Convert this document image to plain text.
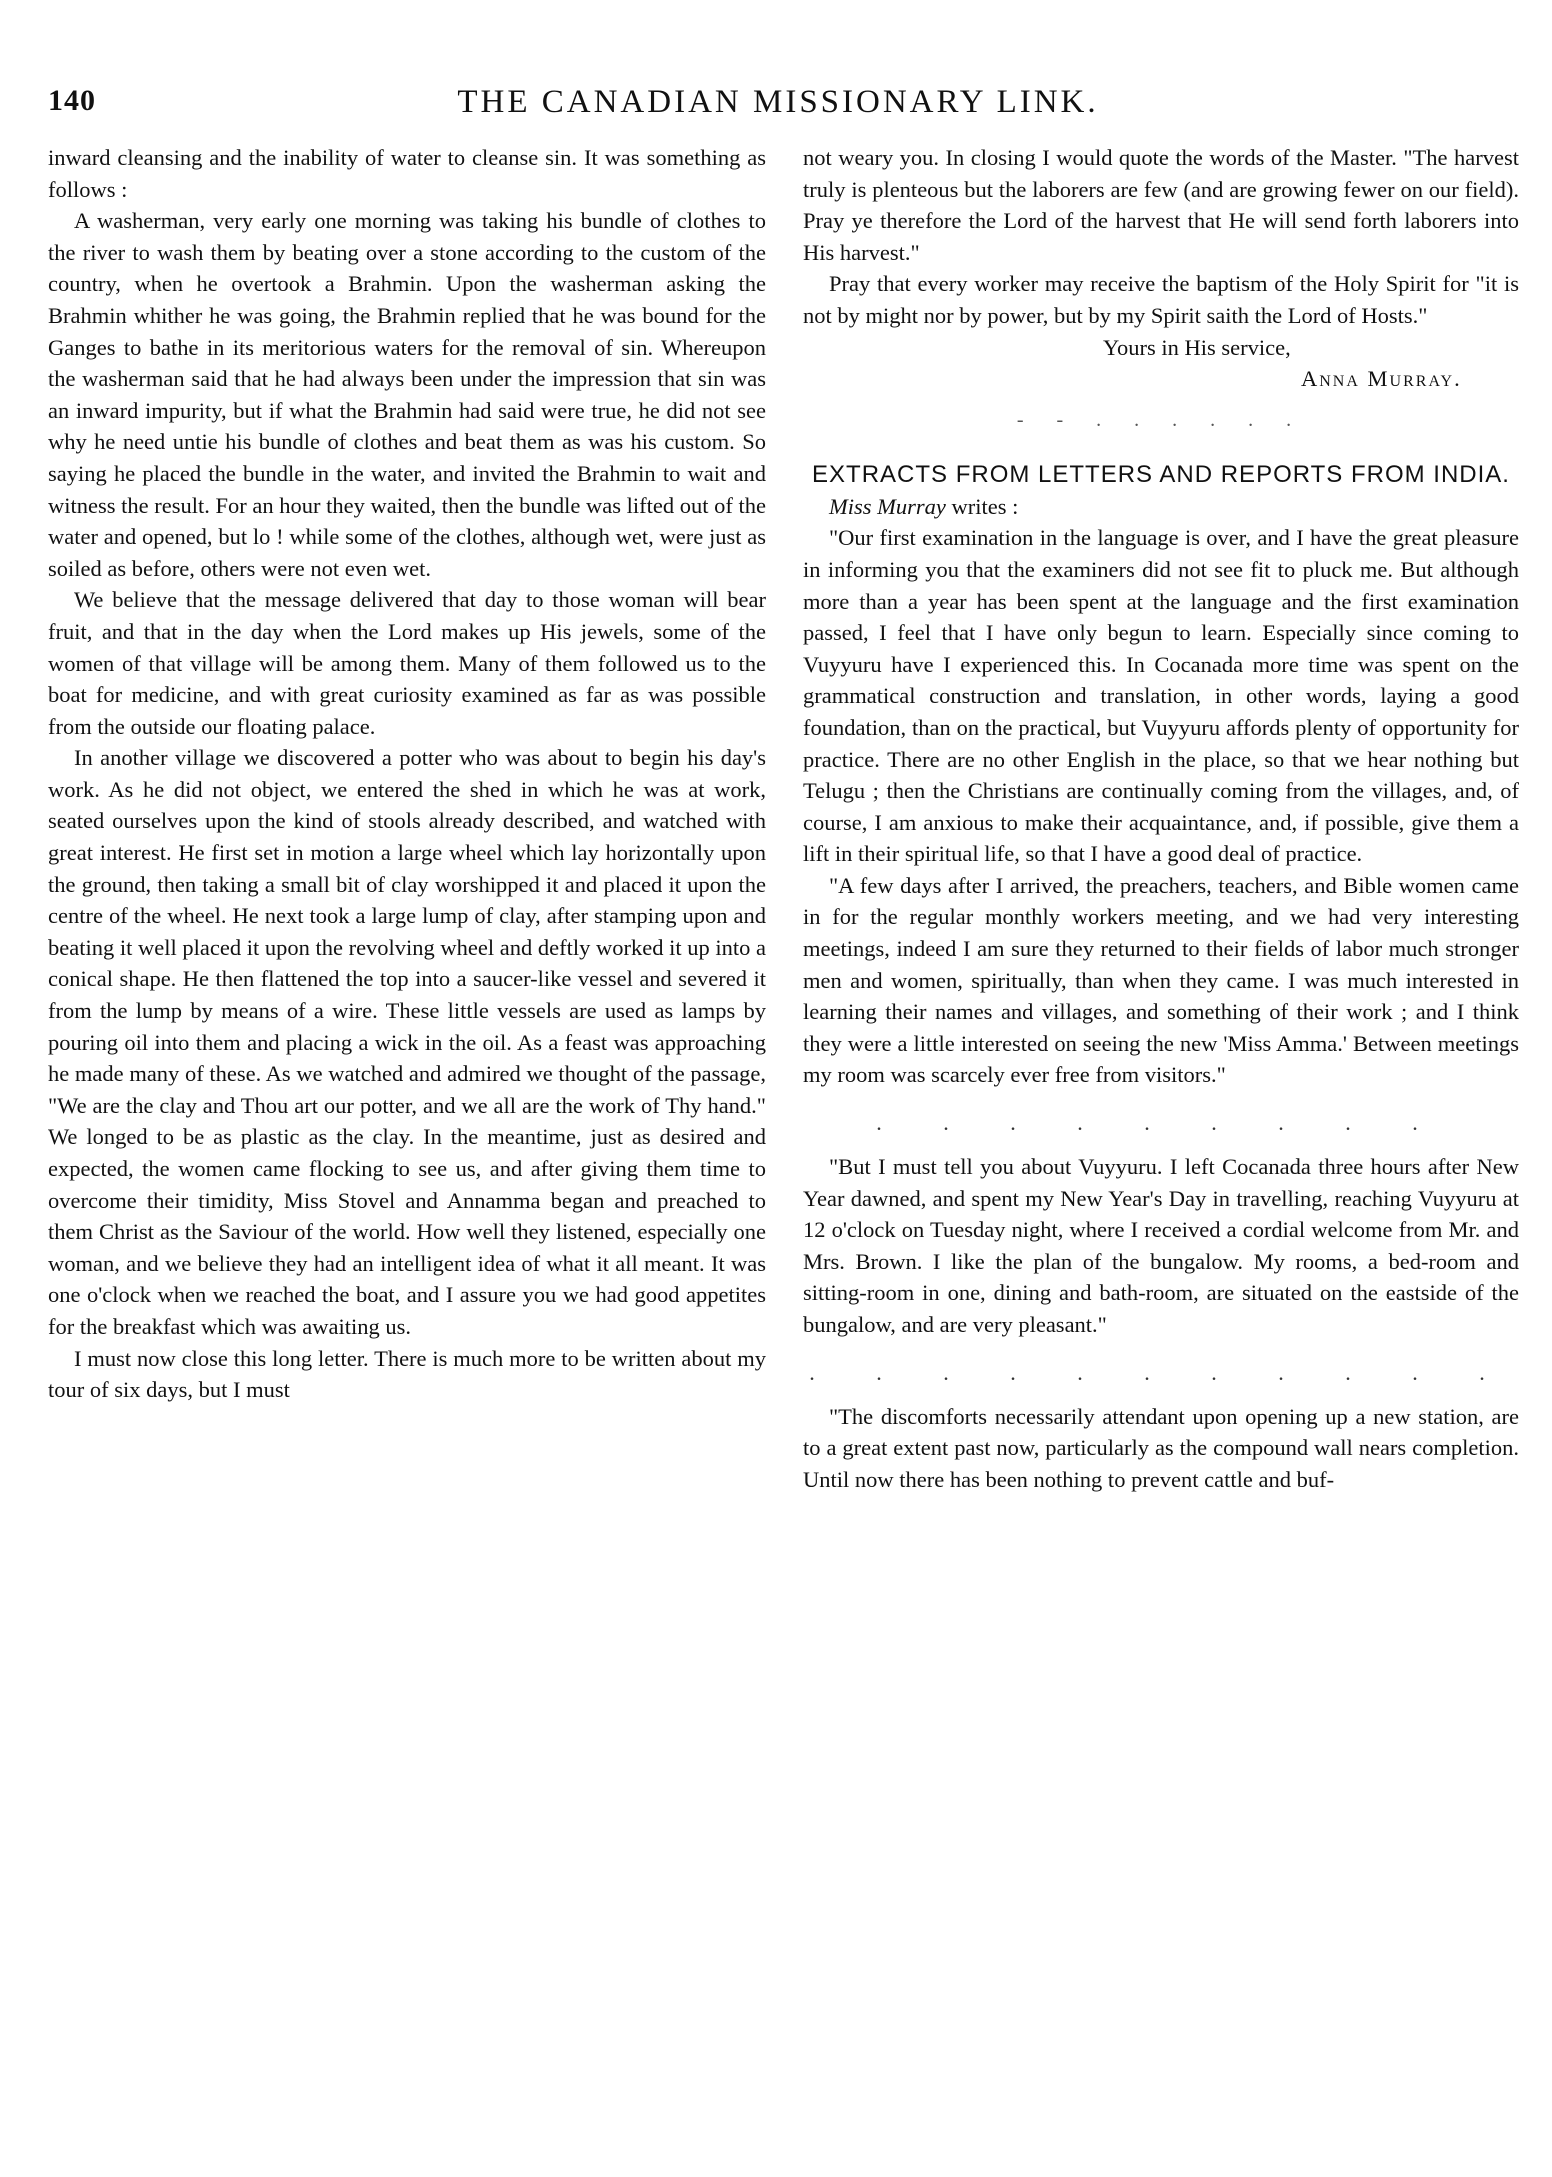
140	THE CANADIAN MISSIONARY LINK.

inward cleansing and the inability of water to cleanse sin. It was something as follows :

A washerman, very early one morning was taking his bundle of clothes to the river to wash them by beating over a stone according to the custom of the country, when he overtook a Brahmin. Upon the washerman asking the Brahmin whither he was going, the Brahmin replied that he was bound for the Ganges to bathe in its meritorious waters for the removal of sin. Whereupon the washerman said that he had always been under the impression that sin was an inward impurity, but if what the Brahmin had said were true, he did not see why he need untie his bundle of clothes and beat them as was his custom. So saying he placed the bundle in the water, and invited the Brahmin to wait and witness the result. For an hour they waited, then the bundle was lifted out of the water and opened, but lo ! while some of the clothes, although wet, were just as soiled as before, others were not even wet.

We believe that the message delivered that day to those woman will bear fruit, and that in the day when the Lord makes up His jewels, some of the women of that village will be among them. Many of them followed us to the boat for medicine, and with great curiosity examined as far as was possible from the outside our floating palace.

In another village we discovered a potter who was about to begin his day's work. As he did not object, we entered the shed in which he was at work, seated ourselves upon the kind of stools already described, and watched with great interest. He first set in motion a large wheel which lay horizontally upon the ground, then taking a small bit of clay worshipped it and placed it upon the centre of the wheel. He next took a large lump of clay, after stamping upon and beating it well placed it upon the revolving wheel and deftly worked it up into a conical shape. He then flattened the top into a saucer-like vessel and severed it from the lump by means of a wire. These little vessels are used as lamps by pouring oil into them and placing a wick in the oil. As a feast was approaching he made many of these. As we watched and admired we thought of the passage, "We are the clay and Thou art our potter, and we all are the work of Thy hand." We longed to be as plastic as the clay. In the meantime, just as desired and expected, the women came flocking to see us, and after giving them time to overcome their timidity, Miss Stovel and Annamma began and preached to them Christ as the Saviour of the world. How well they listened, especially one woman, and we believe they had an intelligent idea of what it all meant. It was one o'clock when we reached the boat, and I assure you we had good appetites for the breakfast which was awaiting us.

I must now close this long letter. There is much more to be written about my tour of six days, but I must

not weary you. In closing I would quote the words of the Master. "The harvest truly is plenteous but the laborers are few (and are growing fewer on our field). Pray ye therefore the Lord of the harvest that He will send forth laborers into His harvest."

Pray that every worker may receive the baptism of the Holy Spirit for "it is not by might nor by power, but by my Spirit saith the Lord of Hosts."

Yours in His service,

Anna Murray.

- - . . . . . .

EXTRACTS FROM LETTERS AND REPORTS FROM INDIA.

Miss Murray writes :

"Our first examination in the language is over, and I have the great pleasure in informing you that the examiners did not see fit to pluck me. But although more than a year has been spent at the language and the first examination passed, I feel that I have only begun to learn. Especially since coming to Vuyyuru have I experienced this. In Cocanada more time was spent on the grammatical construction and translation, in other words, laying a good foundation, than on the practical, but Vuyyuru affords plenty of opportunity for practice. There are no other English in the place, so that we hear nothing but Telugu ; then the Christians are continually coming from the villages, and, of course, I am anxious to make their acquaintance, and, if possible, give them a lift in their spiritual life, so that I have a good deal of practice.

"A few days after I arrived, the preachers, teachers, and Bible women came in for the regular monthly workers meeting, and we had very interesting meetings, indeed I am sure they returned to their fields of labor much stronger men and women, spiritually, than when they came. I was much interested in learning their names and villages, and something of their work ; and I think they were a little interested on seeing the new 'Miss Amma.' Between meetings my room was scarcely ever free from visitors."

. . . . . . . . .

"But I must tell you about Vuyyuru. I left Cocanada three hours after New Year dawned, and spent my New Year's Day in travelling, reaching Vuyyuru at 12 o'clock on Tuesday night, where I received a cordial welcome from Mr. and Mrs. Brown. I like the plan of the bungalow. My rooms, a bed-room and sitting-room in one, dining and bath-room, are situated on the eastside of the bungalow, and are very pleasant."

. . . . . . . . . . .

"The discomforts necessarily attendant upon opening up a new station, are to a great extent past now, particularly as the compound wall nears completion. Until now there has been nothing to prevent cattle and buf-
